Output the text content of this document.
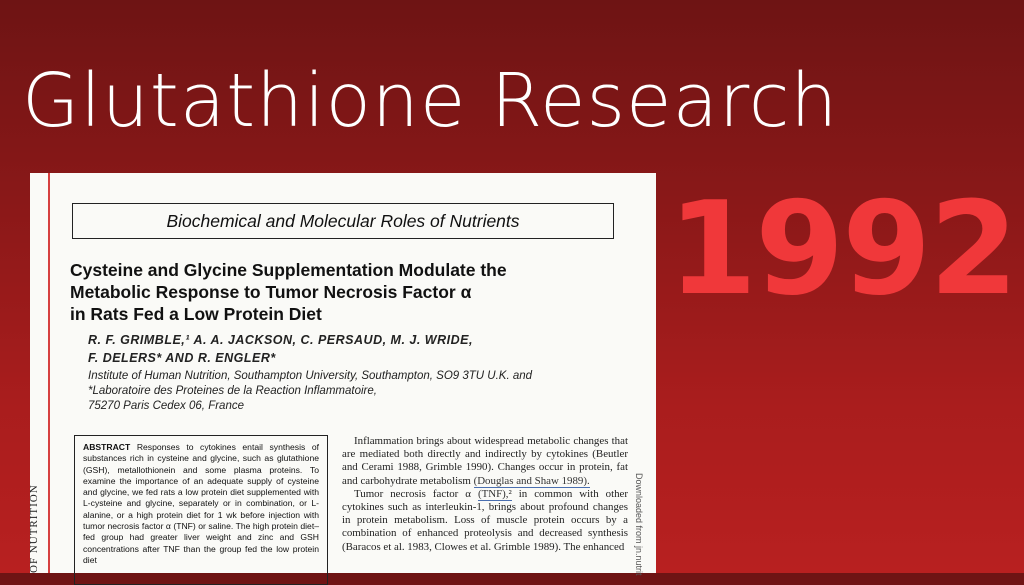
Glutathione Research
1992
OF NUTRITION
Biochemical and Molecular Roles of Nutrients
Cysteine and Glycine Supplementation Modulate the
Metabolic Response to Tumor Necrosis Factor α
in Rats Fed a Low Protein Diet
R. F. GRIMBLE,¹ A. A. JACKSON, C. PERSAUD, M. J. WRIDE,
F. DELERS* AND R. ENGLER*
Institute of Human Nutrition, Southampton University, Southampton, SO9 3TU U.K. and
*Laboratoire des Proteines de la Reaction Inflammatoire,
75270 Paris Cedex 06, France
ABSTRACT Responses to cytokines entail synthesis of substances rich in cysteine and glycine, such as glutathione (GSH), metallothionein and some plasma proteins. To examine the importance of an adequate supply of cysteine and glycine, we fed rats a low protein diet supplemented with L-cysteine and glycine, separately or in combination, or L-alanine, or a high protein diet for 1 wk before injection with tumor necrosis factor α (TNF) or saline. The high protein diet–fed group had greater liver weight and zinc and GSH concentrations after TNF than the group fed the low protein diet

Inflammation brings about widespread metabolic changes that are mediated both directly and indirectly by cytokines (Beutler and Cerami 1988, Grimble 1990). Changes occur in protein, fat and carbohydrate metabolism (Douglas and Shaw 1989).

Tumor necrosis factor α (TNF),² in common with other cytokines such as interleukin-1, brings about profound changes in protein metabolism. Loss of muscle protein occurs by a combination of enhanced proteolysis and decreased synthesis (Baracos et al. 1983, Clowes et al. Grimble 1989). The enhanced	Downloaded from jn.nutrit
